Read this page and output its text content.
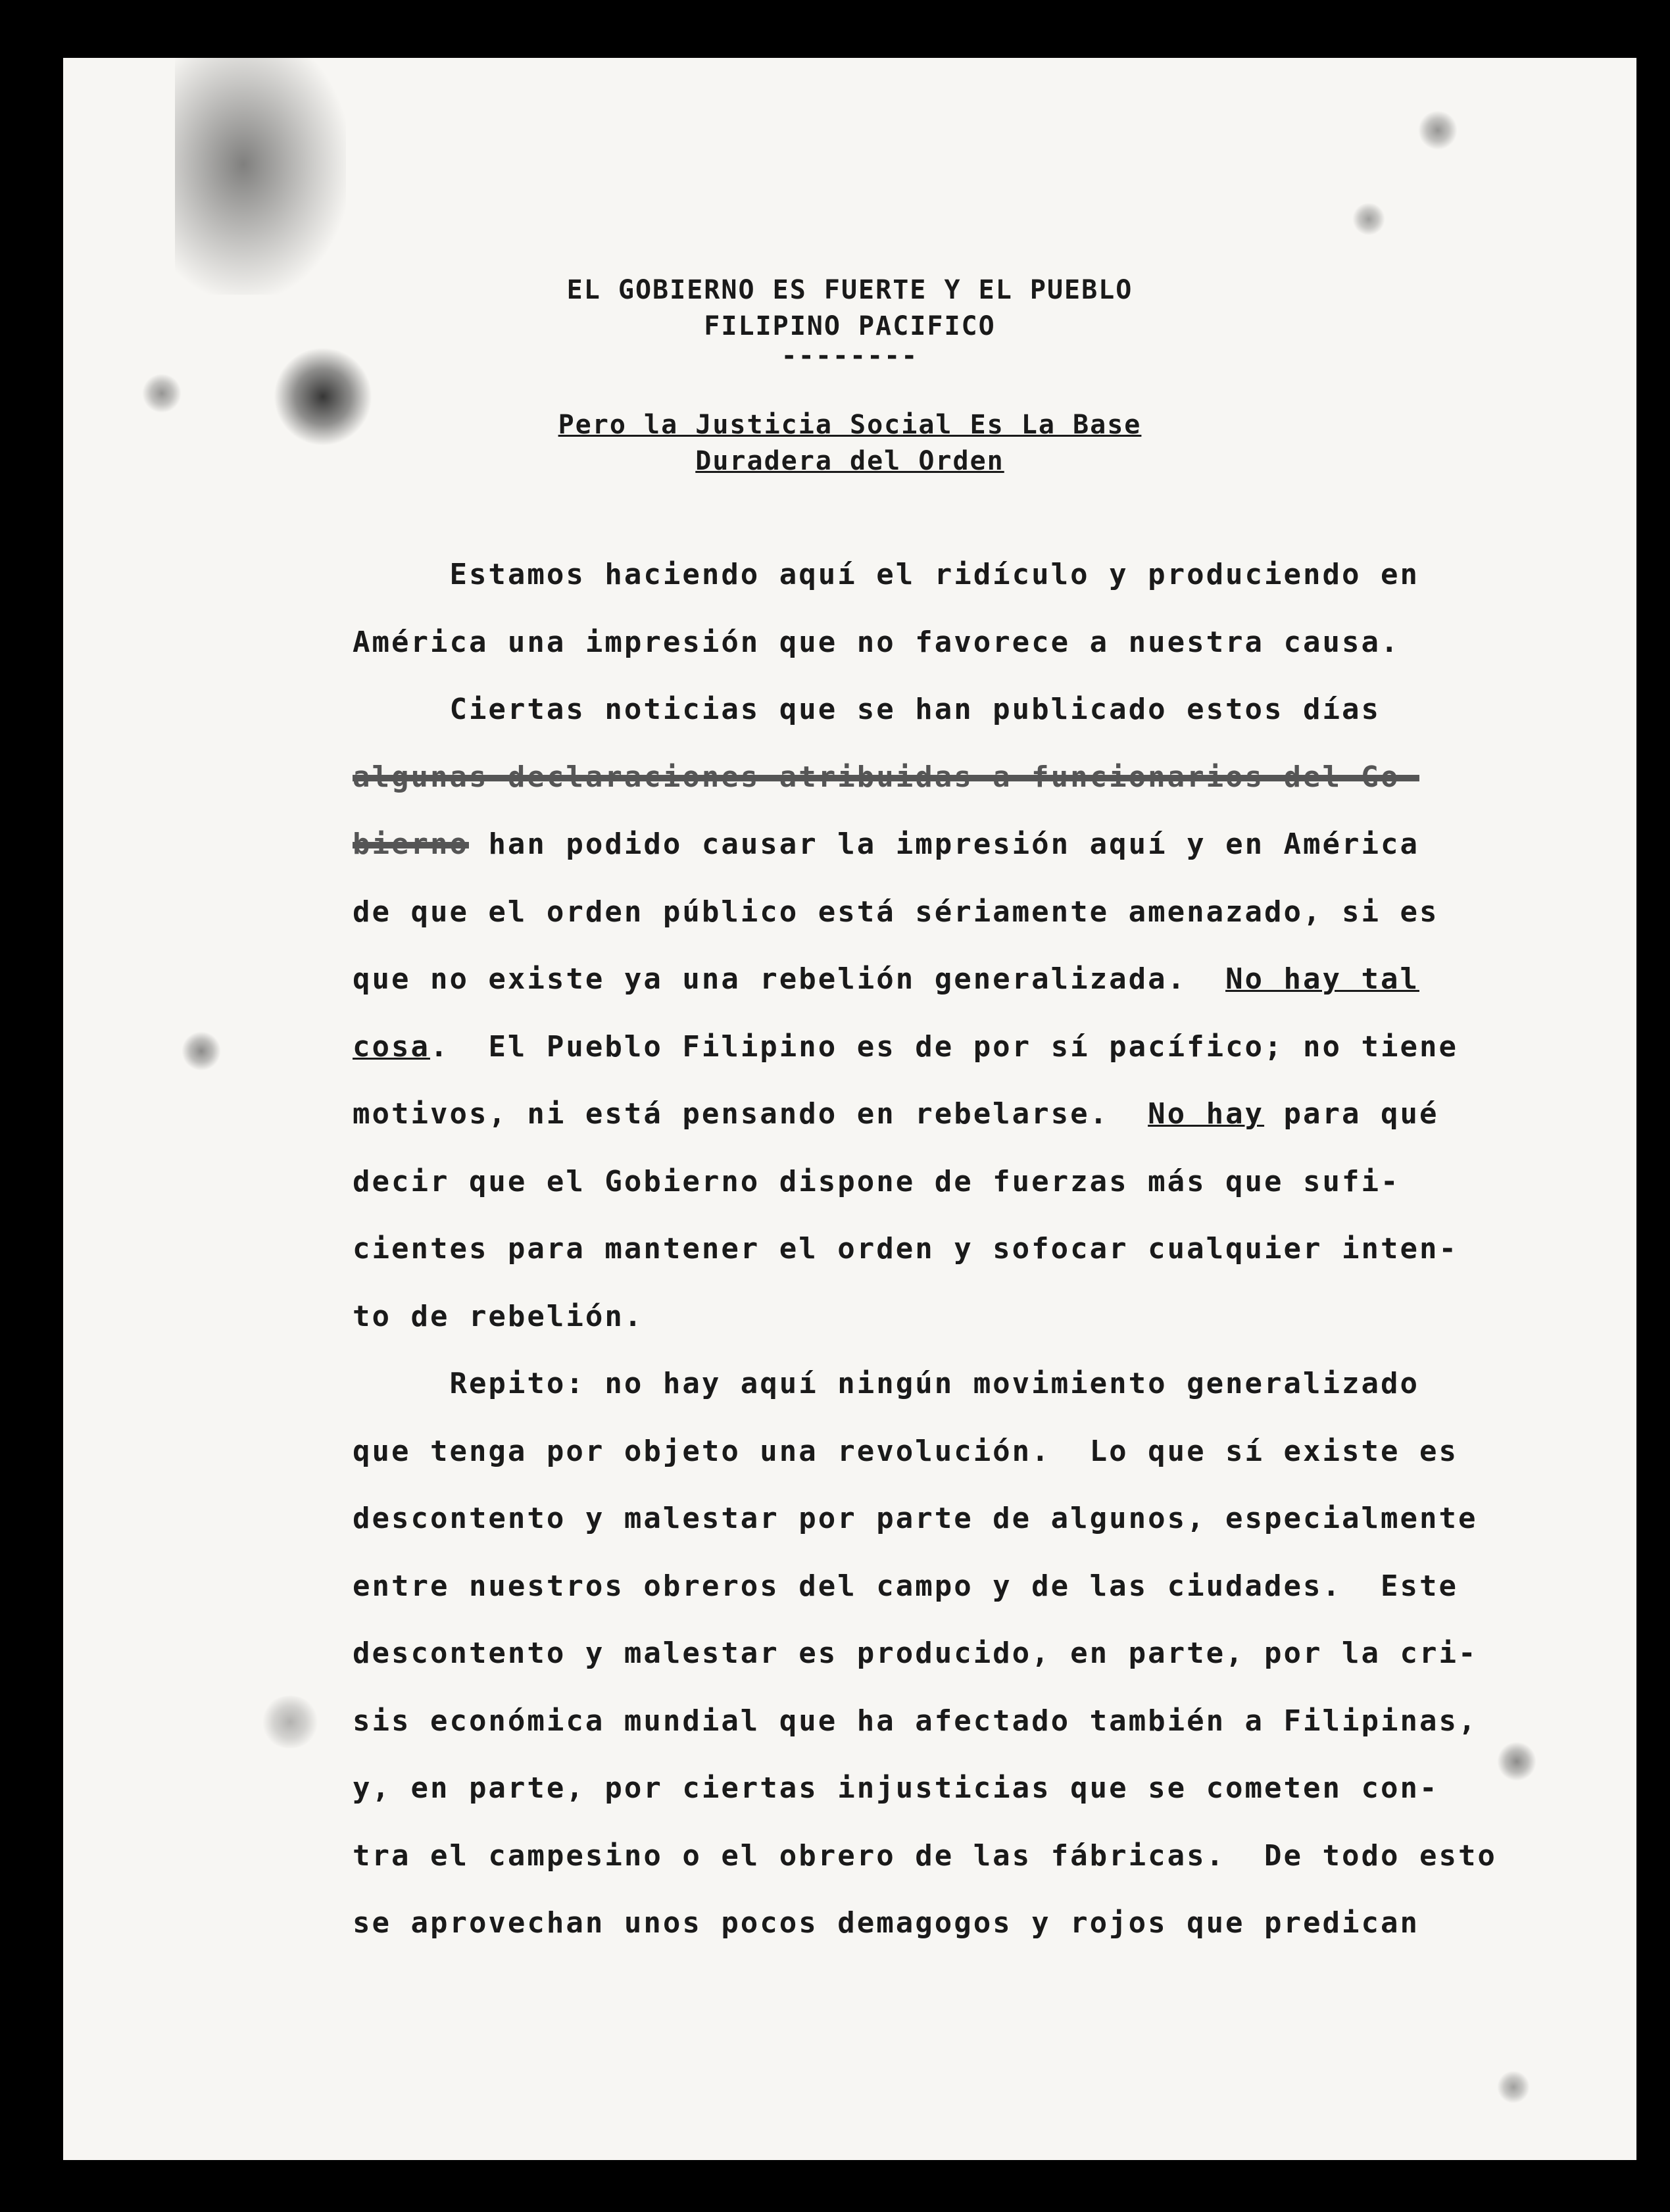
EL GOBIERNO ES FUERTE Y EL PUEBLO
FILIPINO PACIFICO
--------
Pero la Justicia Social Es La Base
Duradera del Orden
Estamos haciendo aquí el ridículo y produciendo en
América una impresión que no favorece a nuestra causa.
Ciertas noticias que se han publicado estos días
algunas declaraciones atribuidas a funcionarios del Go-
bierno han podido causar la impresión aquí y en América
de que el orden público está sériamente amenazado, si es
que no existe ya una rebelión generalizada.  No hay tal
cosa.  El Pueblo Filipino es de por sí pacífico; no tiene
motivos, ni está pensando en rebelarse.  No hay para qué
decir que el Gobierno dispone de fuerzas más que sufi-
cientes para mantener el orden y sofocar cualquier inten-
to de rebelión.
Repito: no hay aquí ningún movimiento generalizado
que tenga por objeto una revolución.  Lo que sí existe es
descontento y malestar por parte de algunos, especialmente
entre nuestros obreros del campo y de las ciudades.  Este
descontento y malestar es producido, en parte, por la cri-
sis económica mundial que ha afectado también a Filipinas,
y, en parte, por ciertas injusticias que se cometen con-
tra el campesino o el obrero de las fábricas.  De todo esto
se aprovechan unos pocos demagogos y rojos que predican
